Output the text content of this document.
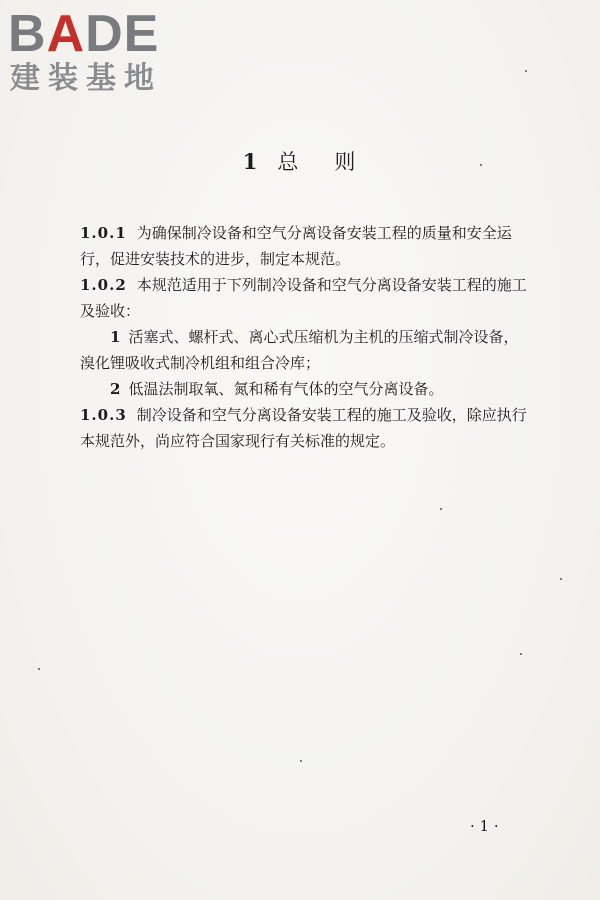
BADE
建装基地
1 总 则

1.0.1 为确保制冷设备和空气分离设备安装工程的质量和安全运行，促进安装技术的进步，制定本规范。

1.0.2 本规范适用于下列制冷设备和空气分离设备安装工程的施工及验收：

1 活塞式、螺杆式、离心式压缩机为主机的压缩式制冷设备，溴化锂吸收式制冷机组和组合冷库；

2 低温法制取氧、氮和稀有气体的空气分离设备。

1.0.3 制冷设备和空气分离设备安装工程的施工及验收，除应执行本规范外，尚应符合国家现行有关标准的规定。

· 1 ·
